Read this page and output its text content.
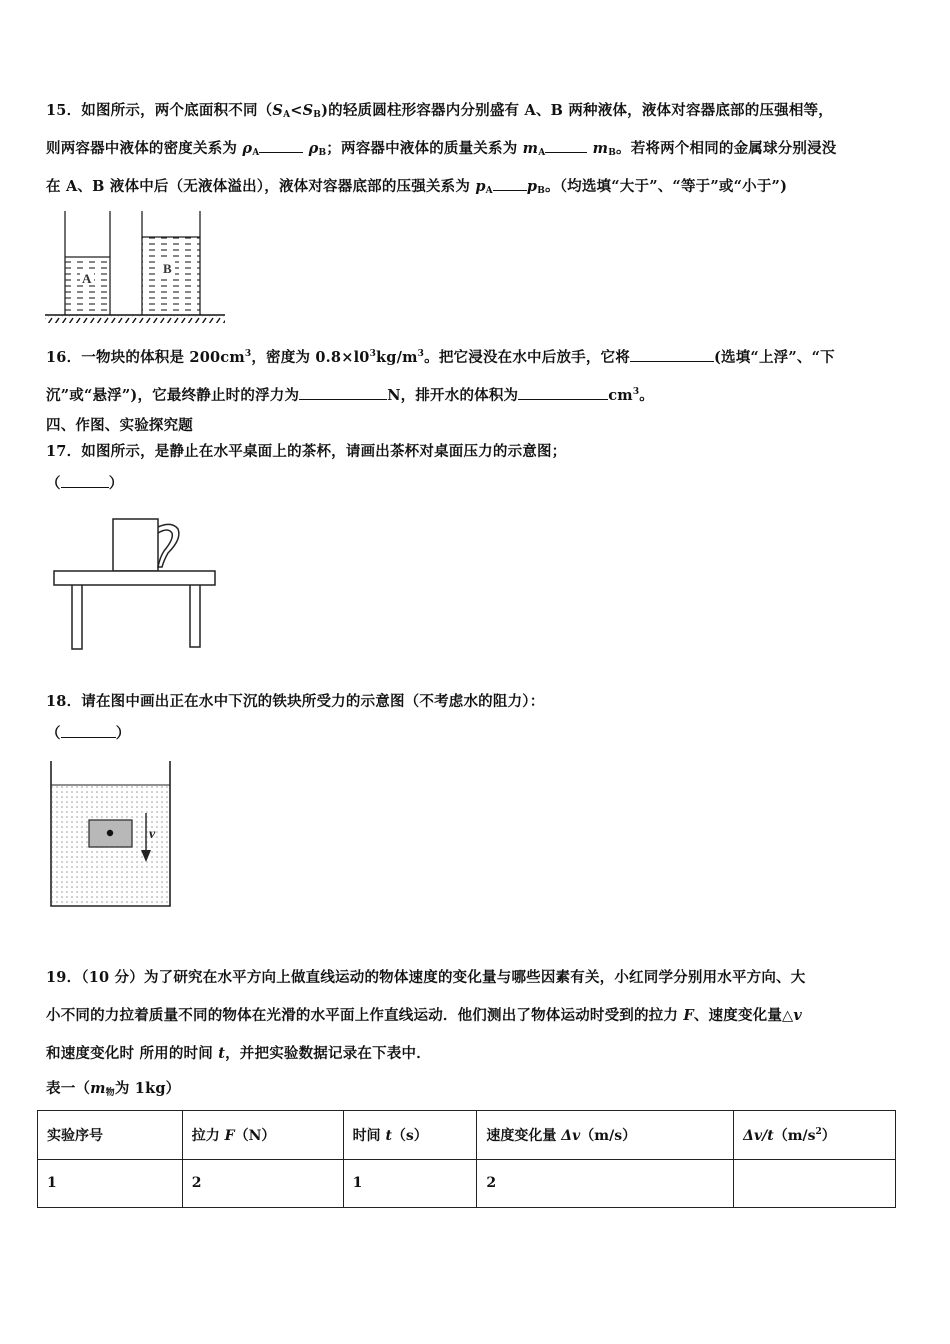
15．如图所示，两个底面积不同$(S_A<S_B)$的轻质圆柱形容器内分别盛有 A、B 两种液体，液体对容器底部的压强相等，
则两容器中液体的密度关系为 $\rho_A$	$\rho_B$；两容器中液体的质量关系为 $m_A$	$m_B$。若将两个相同的金属球分别浸没
在 A、B 液体中后（无液体溢出），液体对容器底部的压强关系为 $p_A$ $p_B$。（均选填“大于”、“等于”或“小于”)
A
B
16．一物块的体积是 $200cm^3$，密度为 $0.8\times l0^3kg/m^3$。把它浸没在水中后放手，它将	(选填“上浮”、“下
沉”或“悬浮”)，它最终静止时的浮力为	N，排开水的体积为	$cm^3$。
四、作图、实验探究题
17．如图所示，是静止在水平桌面上的茶杯，请画出茶杯对桌面压力的示意图；
（	）
18．请在图中画出正在水中下沉的铁块所受力的示意图（不考虑水的阻力）：
（	）
v
19．（10 分）为了研究在水平方向上做直线运动的物体速度的变化量与哪些因素有关，小红同学分别用水平方向、大
小不同的力拉着质量不同的物体在光滑的水平面上作直线运动．他们测出了物体运动时受到的拉力 F、速度变化量△v
和速度变化时 所用的时间 t，并把实验数据记录在下表中．
表一（$m_物$为 1kg）
实验序号	拉力 F（N）	时间 t（s）	速度变化量 Δv（m/s）	$\Delta v/t(m/s^2)$
1	2	1	2	
